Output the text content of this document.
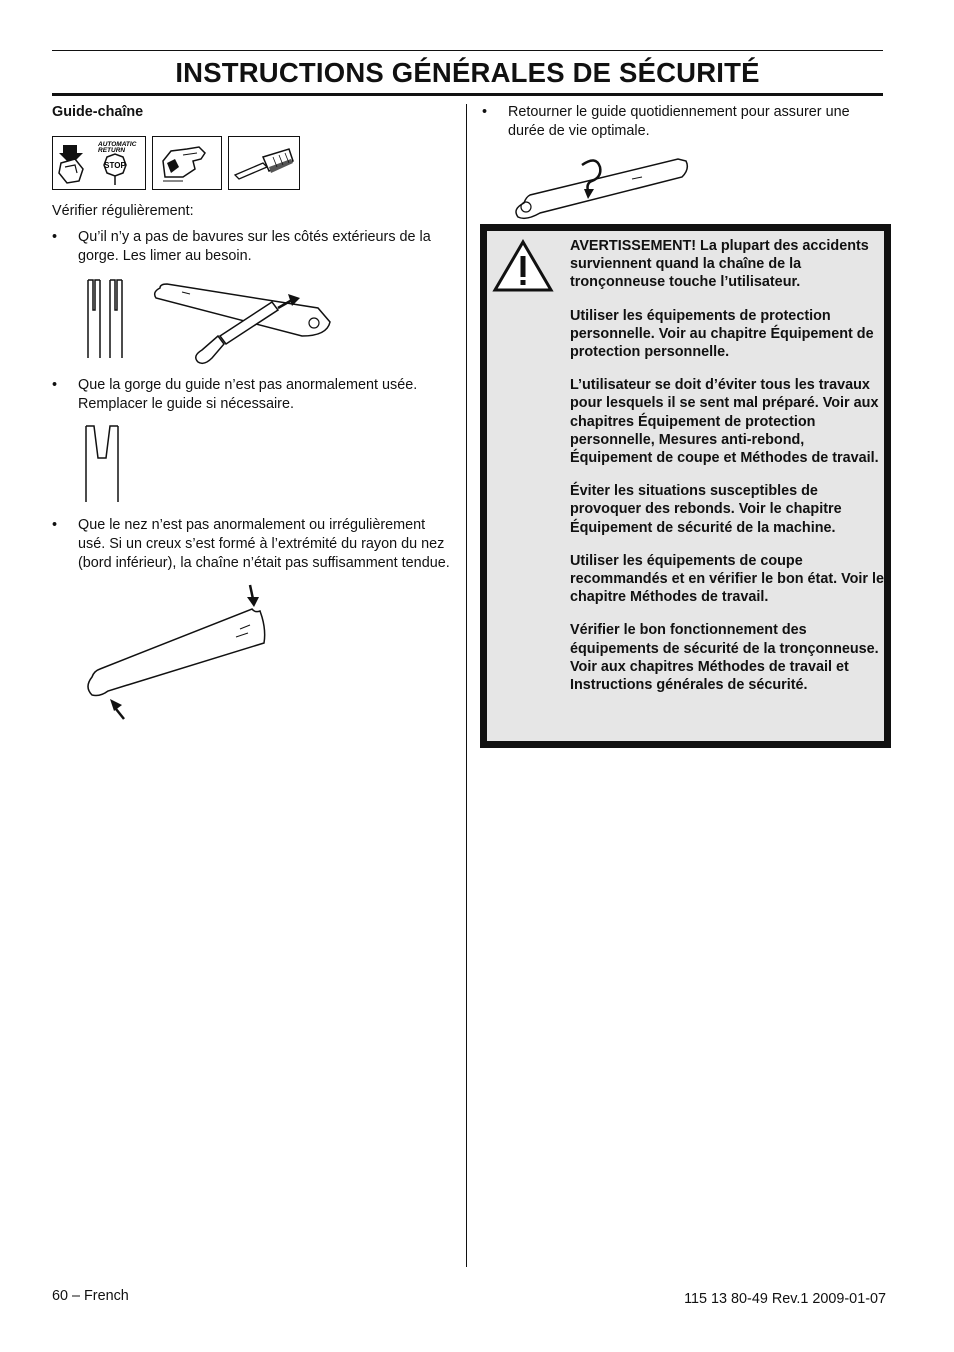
INSTRUCTIONS GÉNÉRALES DE SÉCURITÉ

Guide-chaîne

AUTOMATIC
RETURN
STOP

Vérifier régulièrement:

• Qu’il n’y a pas de bavures sur les côtés extérieurs de la gorge. Les limer au besoin.

• Que la gorge du guide n’est pas anormalement usée. Remplacer le guide si nécessaire.

• Que le nez n’est pas anormalement ou irrégulièrement usé. Si un creux s’est formé à l’extrémité du rayon du nez (bord inférieur), la chaîne n’était pas suffisamment tendue.

• Retourner le guide quotidiennement pour assurer une durée de vie optimale.

AVERTISSEMENT! La plupart des accidents surviennent quand la chaîne de la tronçonneuse touche l’utilisateur.

Utiliser les équipements de protection personnelle. Voir au chapitre Équipement de protection personnelle.

L’utilisateur se doit d’éviter tous les travaux pour lesquels il se sent mal préparé. Voir aux chapitres Équipement de protection personnelle, Mesures anti-rebond, Équipement de coupe et Méthodes de travail.

Éviter les situations susceptibles de provoquer des rebonds. Voir le chapitre Équipement de sécurité de la machine.

Utiliser les équipements de coupe recommandés et en vérifier le bon état. Voir le chapitre Méthodes de travail.

Vérifier le bon fonctionnement des équipements de sécurité de la tronçonneuse. Voir aux chapitres Méthodes de travail et Instructions générales de sécurité.

60 – French	115 13 80-49 Rev.1 2009-01-07
